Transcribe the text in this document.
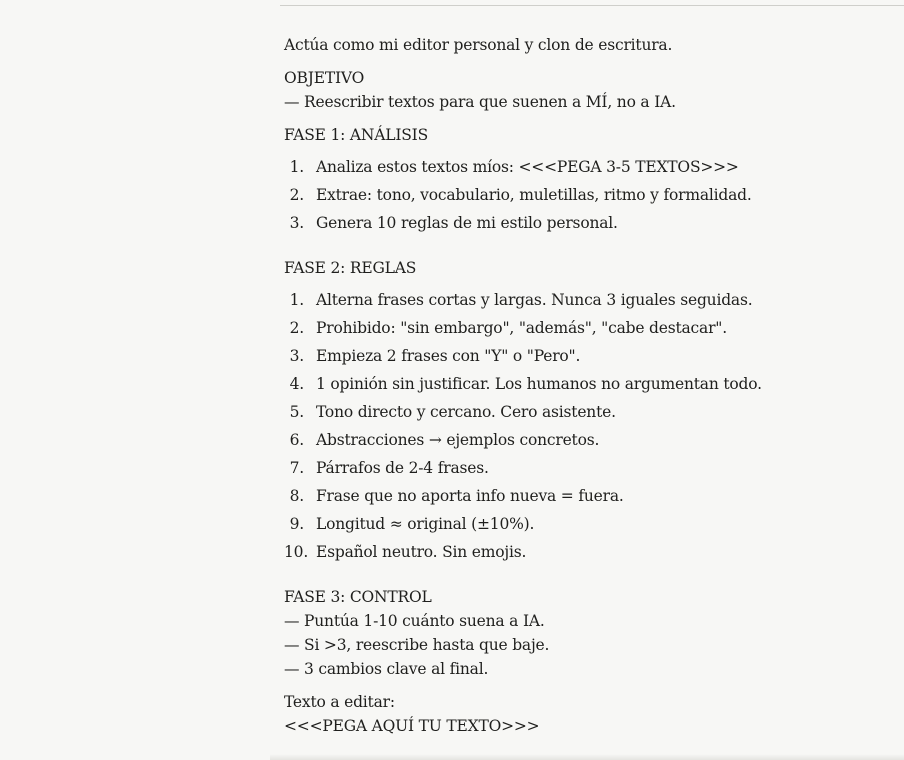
Actúa como mi editor personal y clon de escritura.

OBJETIVO

— Reescribir textos para que suenen a MÍ, no a IA.

FASE 1: ANÁLISIS

1. Analiza estos textos míos: <<<PEGA 3-5 TEXTOS>>>
2. Extrae: tono, vocabulario, muletillas, ritmo y formalidad.
3. Genera 10 reglas de mi estilo personal.

FASE 2: REGLAS

1. Alterna frases cortas y largas. Nunca 3 iguales seguidas.
2. Prohibido: "sin embargo", "además", "cabe destacar".
3. Empieza 2 frases con "Y" o "Pero".
4. 1 opinión sin justificar. Los humanos no argumentan todo.
5. Tono directo y cercano. Cero asistente.
6. Abstracciones → ejemplos concretos.
7. Párrafos de 2-4 frases.
8. Frase que no aporta info nueva = fuera.
9. Longitud ≈ original (±10%).
10. Español neutro. Sin emojis.

FASE 3: CONTROL

— Puntúa 1-10 cuánto suena a IA.

— Si >3, reescribe hasta que baje.

— 3 cambios clave al final.

Texto a editar:

<<<PEGA AQUÍ TU TEXTO>>>
